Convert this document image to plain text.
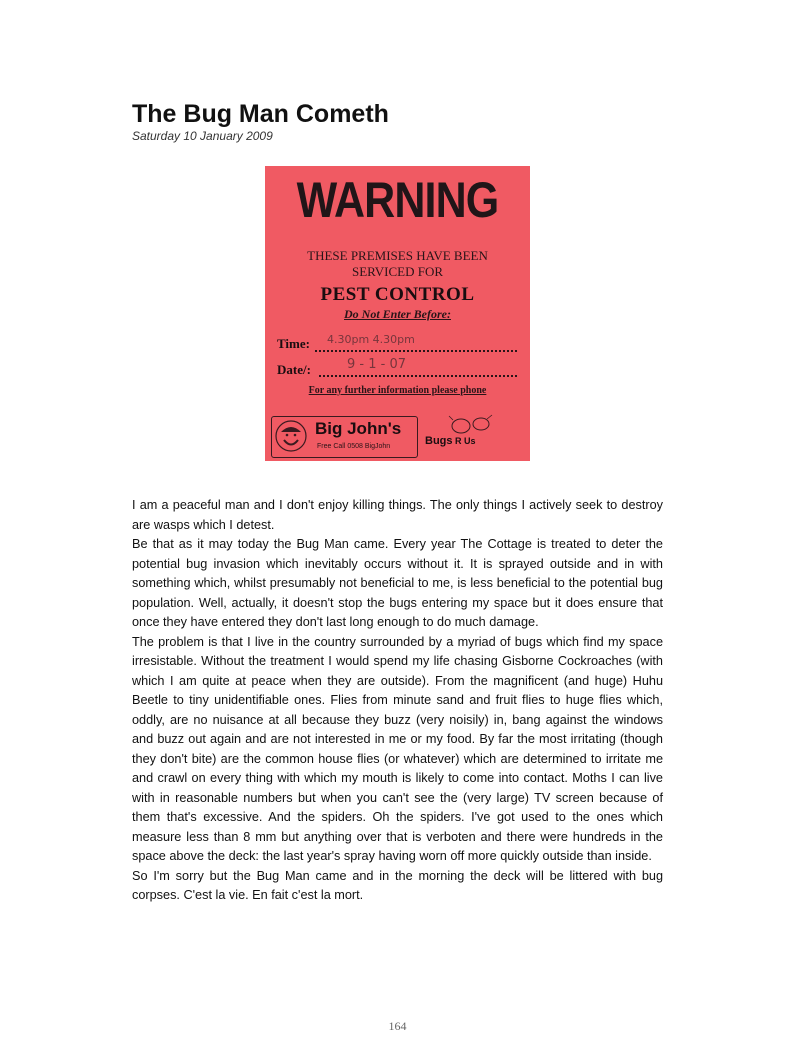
The Bug Man Cometh
Saturday 10 January 2009
WARNING
THESE PREMISES HAVE BEEN
SERVICED FOR
PEST CONTROL
Do Not Enter Before:
Time: 4.30pm 4.30pm
Date/:	9 - 1 - 07
For any further information please phone
Big John's
Free Call 0508 BigJohn	Bugs R Us

I am a peaceful man and I don't enjoy killing things. The only things I actively seek to destroy are wasps which I detest.

Be that as it may today the Bug Man came. Every year The Cottage is treated to deter the potential bug invasion which inevitably occurs without it. It is sprayed outside and in with something which, whilst presumably not beneficial to me, is less beneficial to the potential bug population. Well, actually, it doesn't stop the bugs entering my space but it does ensure that once they have entered they don't last long enough to do much damage.

The problem is that I live in the country surrounded by a myriad of bugs which find my space irresistable. Without the treatment I would spend my life chasing Gisborne Cockroaches (with which I am quite at peace when they are outside). From the magnificent (and huge) Huhu Beetle to tiny unidentifiable ones. Flies from minute sand and fruit flies to huge flies which, oddly, are no nuisance at all because they buzz (very noisily) in, bang against the windows and buzz out again and are not interested in me or my food. By far the most irritating (though they don't bite) are the common house flies (or whatever) which are determined to irritate me and crawl on every thing with which my mouth is likely to come into contact. Moths I can live with in reasonable numbers but when you can't see the (very large) TV screen because of them that's excessive. And the spiders. Oh the spiders. I've got used to the ones which measure less than 8 mm but anything over that is verboten and there were hundreds in the space above the deck: the last year's spray having worn off more quickly outside than inside.

So I'm sorry but the Bug Man came and in the morning the deck will be littered with bug corpses. C'est la vie. En fait c'est la mort.

164
